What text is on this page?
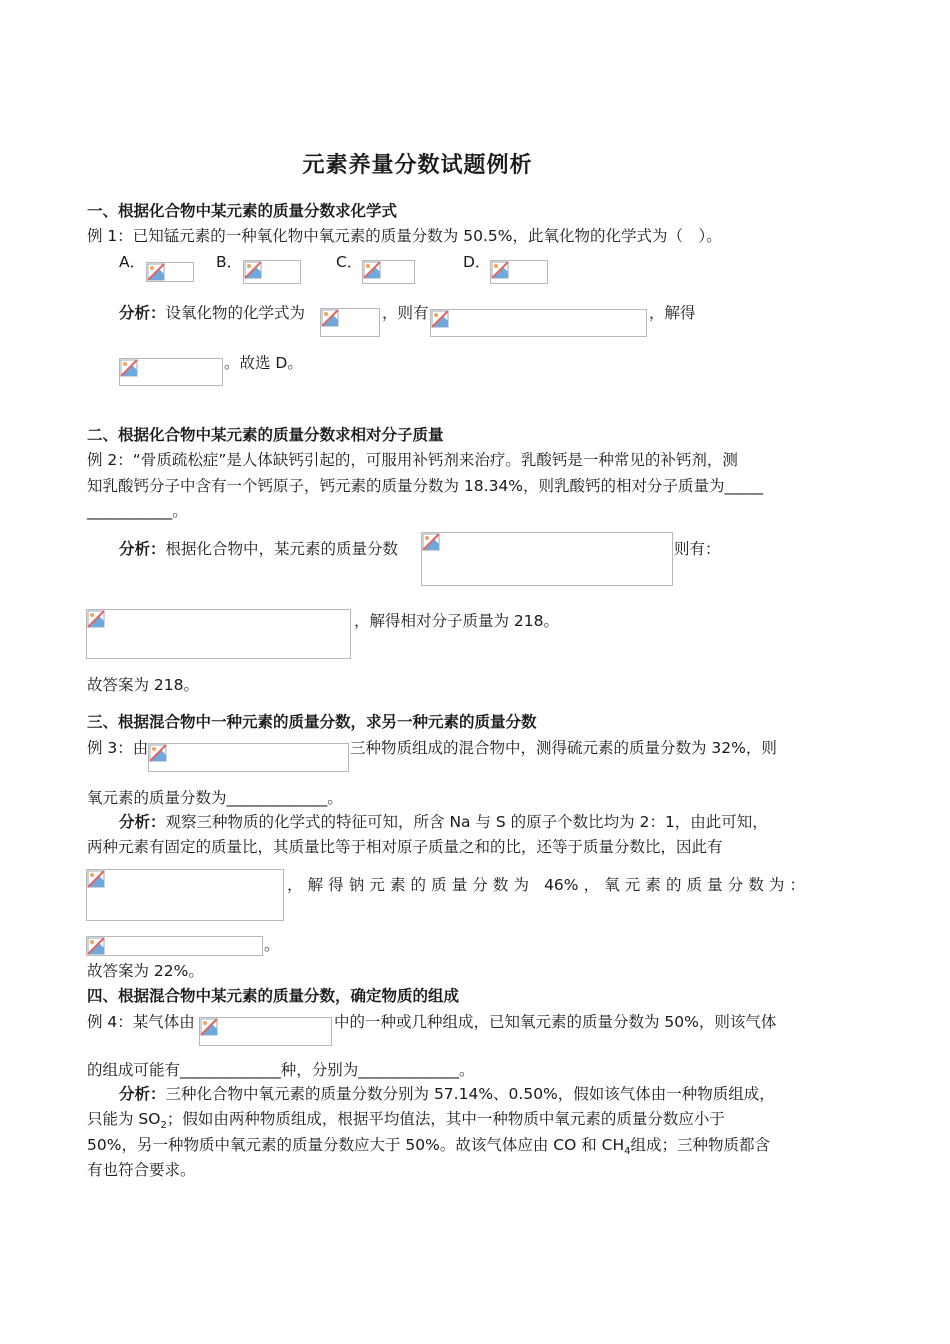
元素养量分数试题例析
一、根据化合物中某元素的质量分数求化学式
例 1：已知锰元素的一种氧化物中氧元素的质量分数为 50.5%，此氧化物的化学式为（　）。
A．	B．	C．	D．
分析：设氧化物的化学式为	，则有	，解得
。故选 D。
二、根据化合物中某元素的质量分数求相对分子质量
例 2：“骨质疏松症”是人体缺钙引起的，可服用补钙剂来治疗。乳酸钙是一种常见的补钙剂，测
知乳酸钙分子中含有一个钙原子，钙元素的质量分数为 18.34%，则乳酸钙的相对分子质量为_____
___________。
分析：根据化合物中，某元素的质量分数	则有：
，解得相对分子质量为 218。
故答案为 218。
三、根据混合物中一种元素的质量分数，求另一种元素的质量分数
例 3：由	三种物质组成的混合物中，测得硫元素的质量分数为 32%，则
氧元素的质量分数为_____________。
分析：观察三种物质的化学式的特征可知，所含 Na 与 S 的原子个数比均为 2：1，由此可知，
两种元素有固定的质量比，其质量比等于相对原子质量之和的比，还等于质量分数比，因此有
，解得钠元素的质量分数为 46%，氧元素的质量分数为：
。
故答案为 22%。
四、根据混合物中某元素的质量分数，确定物质的组成
例 4：某气体由	中的一种或几种组成，已知氧元素的质量分数为 50%，则该气体
的组成可能有_____________种，分别为_____________。
分析：三种化合物中氧元素的质量分数分别为 57.14%、0.50%，假如该气体由一种物质组成，
只能为 $SO_2$；假如由两种物质组成，根据平均值法，其中一种物质中氧元素的质量分数应小于
50%，另一种物质中氧元素的质量分数应大于 50%。故该气体应由 CO 和 $CH_4$组成；三种物质都含
有也符合要求。
